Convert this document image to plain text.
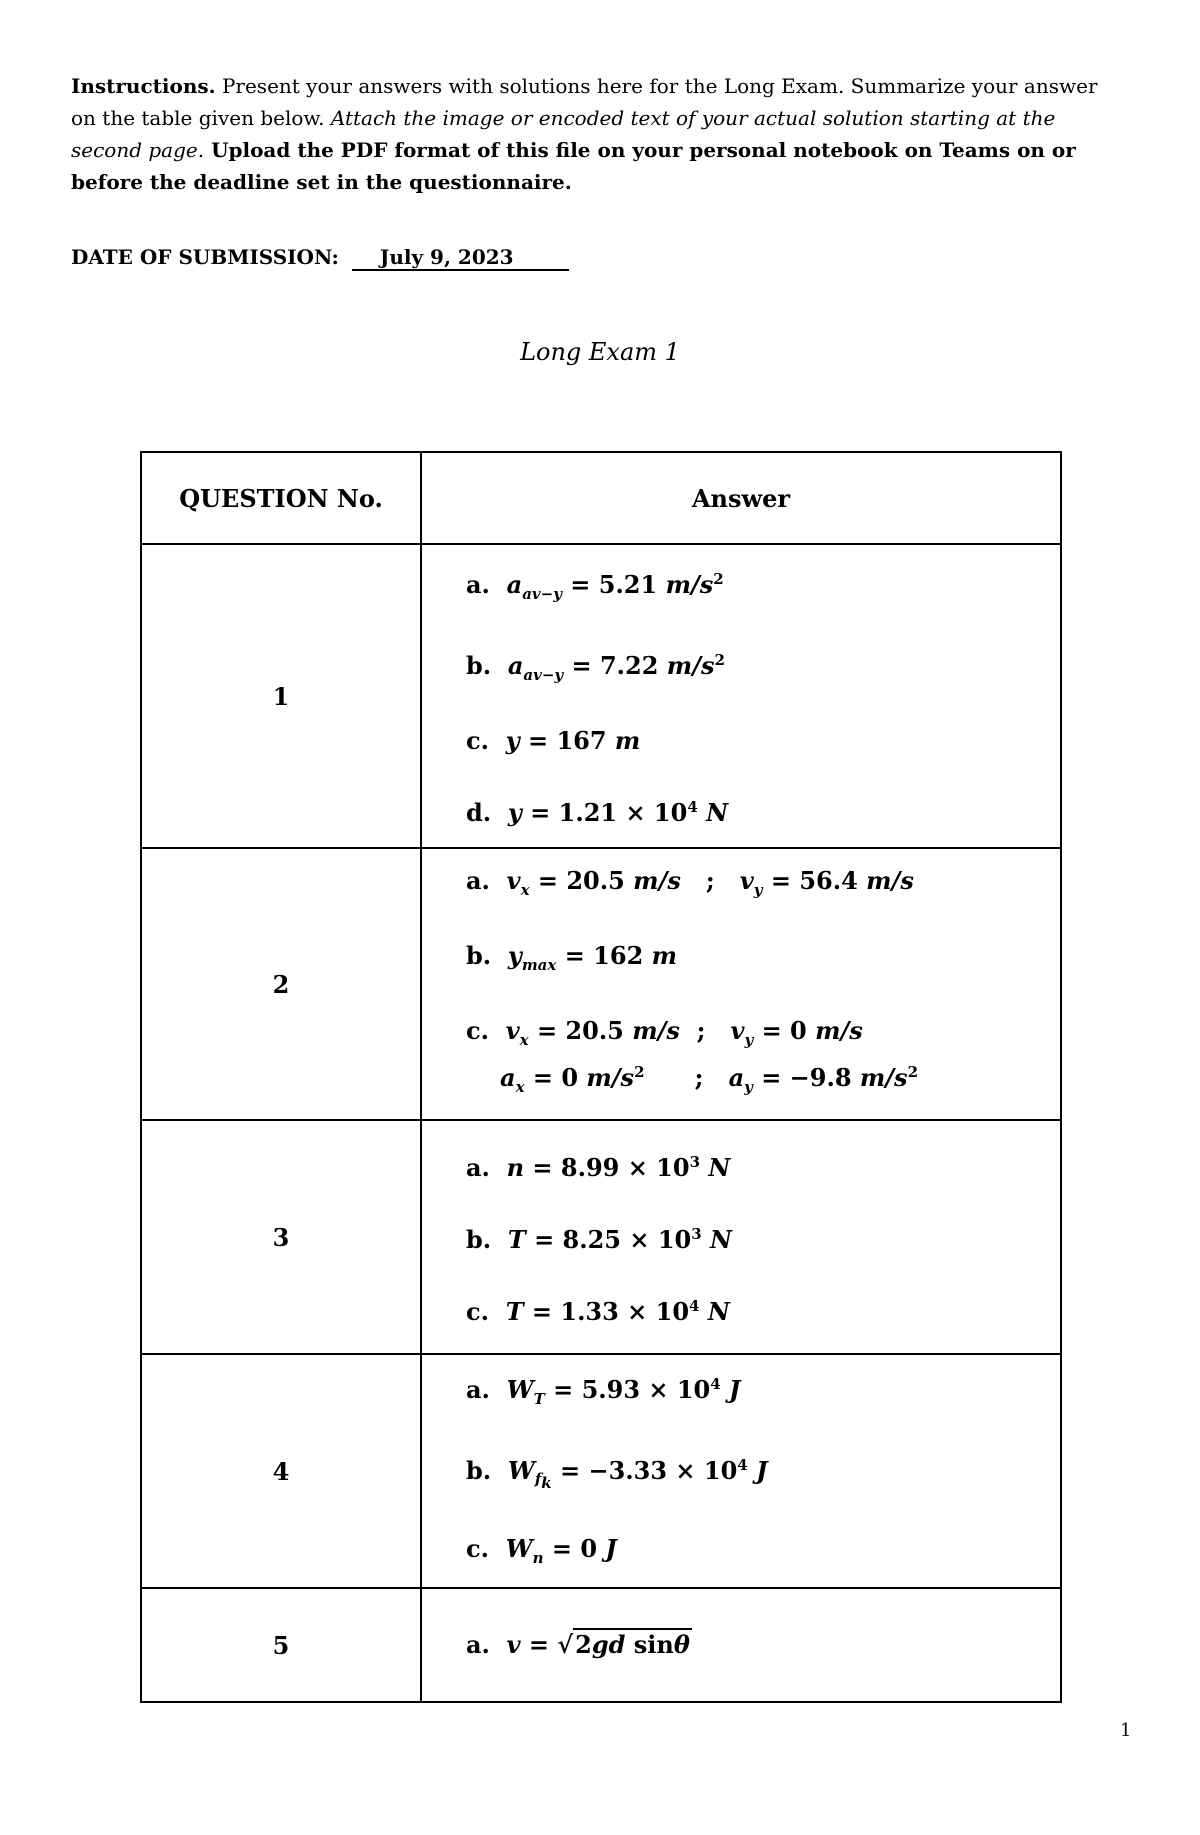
Instructions. Present your answers with solutions here for the Long Exam. Summarize your answer on the table given below. Attach the image or encoded text of your actual solution starting at the second page. Upload the PDF format of this file on your personal notebook on Teams on or before the deadline set in the questionnaire.
DATE OF SUBMISSION: July 9, 2023
Long Exam 1
QUESTION No.	Answer
1	a.  $a_{av-y} = 5.21$ $m/s^2$

b.  $a_{av-y} = 7.22$ $m/s^2$

c.  y = 167 m

d.  $y = 1.21 \times 10^4$ N

2	a.  $v_x = 20.5$ m/s   ;   $v_y = 56.4$ m/s

b.  $y_{max} = 162$ m

c.  $v_x = 20.5$ m/s  ;   $v_y = 0$ m/s

$a_x = 0$ $m/s^2$      ;   $a_y = -9.8$ $m/s^2$

3	a.  $n = 8.99 \times 10^3$ N

b.  $T = 8.25 \times 10^3$ N

c.  $T = 1.33 \times 10^4$ N

4	a.  $W_T = 5.93 \times 10^4$ J

b.  $W_{f_k} = -3.33 \times 10^4$ J

c.  $W_n = 0$ J

5	a.  v = √2gd sinθ

1
